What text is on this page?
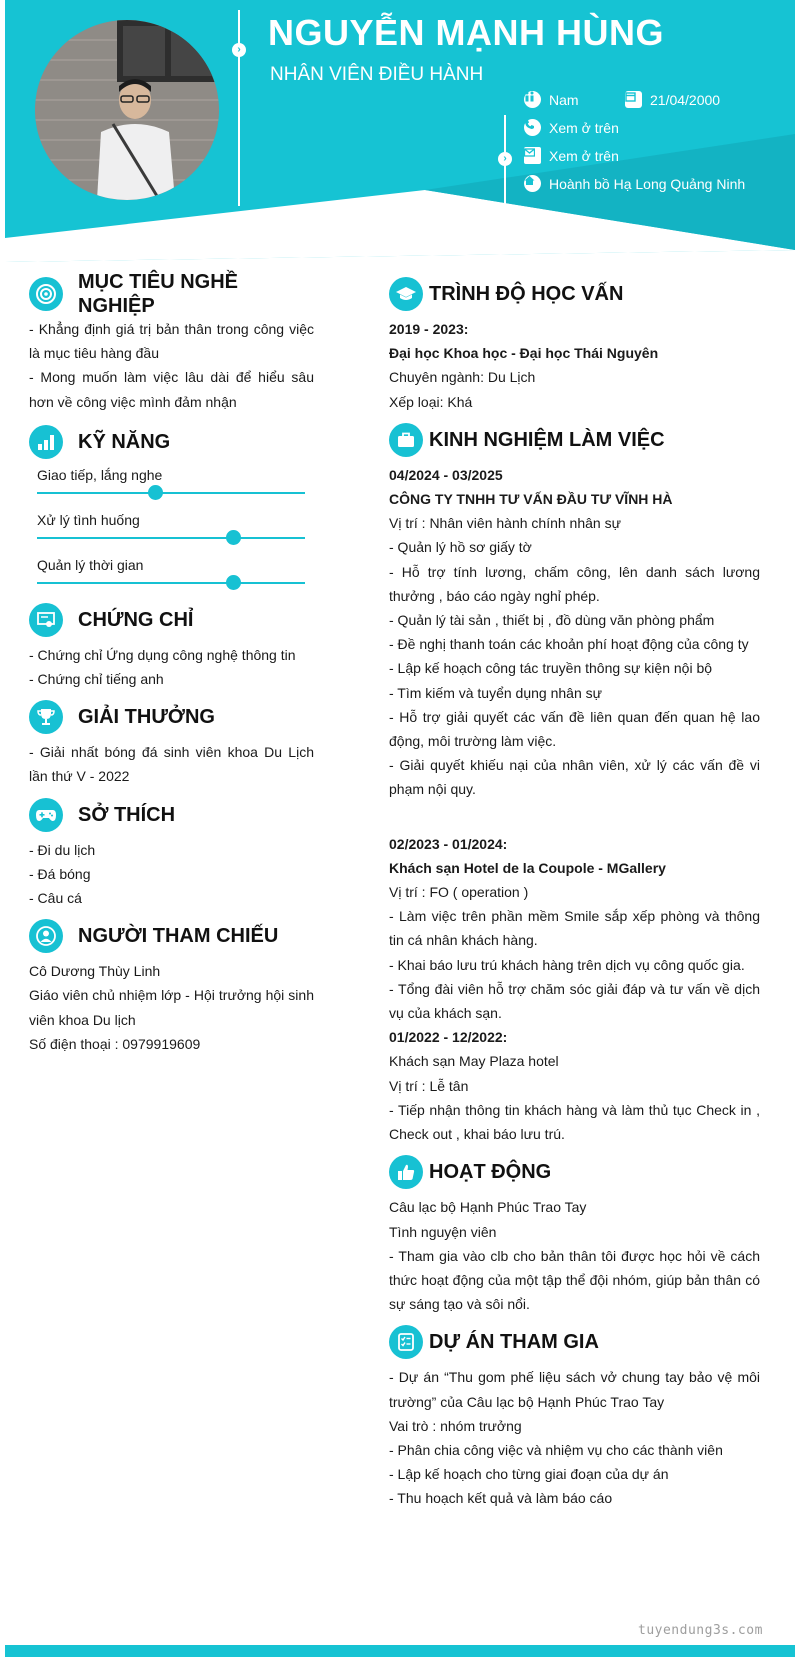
› NGUYỄN MẠNH HÙNG
NHÂN VIÊN ĐIỀU HÀNH
›
Nam	21/04/2000
Xem ở trên
Xem ở trên
Hoành bồ Hạ Long Quảng Ninh
MỤC TIÊU NGHỀ NGHIỆP
- Khẳng định giá trị bản thân trong công việc là mục tiêu hàng đầu
- Mong muốn làm việc lâu dài để hiểu sâu hơn về công việc mình đảm nhận
KỸ NĂNG
Giao tiếp, lắng nghe
Xử lý tình huống
Quản lý thời gian
CHỨNG CHỈ
- Chứng chỉ Ứng dụng công nghệ thông tin
- Chứng chỉ tiếng anh
GIẢI THƯỞNG
- Giải nhất bóng đá sinh viên khoa Du Lịch lần thứ V - 2022
SỞ THÍCH
- Đi du lịch
- Đá bóng
- Câu cá
NGƯỜI THAM CHIẾU
Cô Dương Thùy Linh
Giáo viên chủ nhiệm lớp - Hội trưởng hội sinh viên khoa Du lịch
Số điện thoại : 0979919609
TRÌNH ĐỘ HỌC VẤN
2019 - 2023:
Đại học Khoa học - Đại học Thái Nguyên
Chuyên ngành: Du Lịch
Xếp loại: Khá
KINH NGHIỆM LÀM VIỆC
04/2024 - 03/2025
CÔNG TY TNHH TƯ VẤN ĐẦU TƯ VĨNH HÀ
Vị trí : Nhân viên hành chính nhân sự
- Quản lý hồ sơ giấy tờ
- Hỗ trợ tính lương, chấm công, lên danh sách lương thưởng , báo cáo ngày nghỉ phép.
- Quản lý tài sản , thiết bị , đồ dùng văn phòng phẩm
- Đề nghị thanh toán các khoản phí hoạt động của công ty
- Lập kế hoạch công tác truyền thông sự kiện nội bộ
- Tìm kiếm và tuyển dụng nhân sự
- Hỗ trợ giải quyết các vấn đề liên quan đến quan hệ lao động, môi trường làm việc.
- Giải quyết khiếu nại của nhân viên, xử lý các vấn đề vi phạm nội quy.
02/2023 - 01/2024:
Khách sạn Hotel de la Coupole - MGallery
Vị trí : FO ( operation )
- Làm việc trên phần mềm Smile sắp xếp phòng và thông tin cá nhân khách hàng.
- Khai báo lưu trú khách hàng trên dịch vụ công quốc gia.
- Tổng đài viên hỗ trợ chăm sóc giải đáp và tư vấn về dịch vụ của khách sạn.
01/2022 - 12/2022:
Khách sạn May Plaza hotel
Vị trí : Lễ tân
- Tiếp nhận thông tin khách hàng và làm thủ tục Check in , Check out , khai báo lưu trú.
HOẠT ĐỘNG
Câu lạc bộ Hạnh Phúc Trao Tay
Tình nguyện viên
- Tham gia vào clb cho bản thân tôi được học hỏi về cách thức hoạt động của một tập thể đội nhóm, giúp bản thân có sự sáng tạo và sôi nổi.
DỰ ÁN THAM GIA
- Dự án “Thu gom phế liệu sách vở chung tay bảo vệ môi trường” của Câu lạc bộ Hạnh Phúc Trao Tay
Vai trò : nhóm trưởng
- Phân chia công việc và nhiệm vụ cho các thành viên
- Lập kế hoạch cho từng giai đoạn của dự án
- Thu hoạch kết quả và làm báo cáo
tuyendung3s.com
